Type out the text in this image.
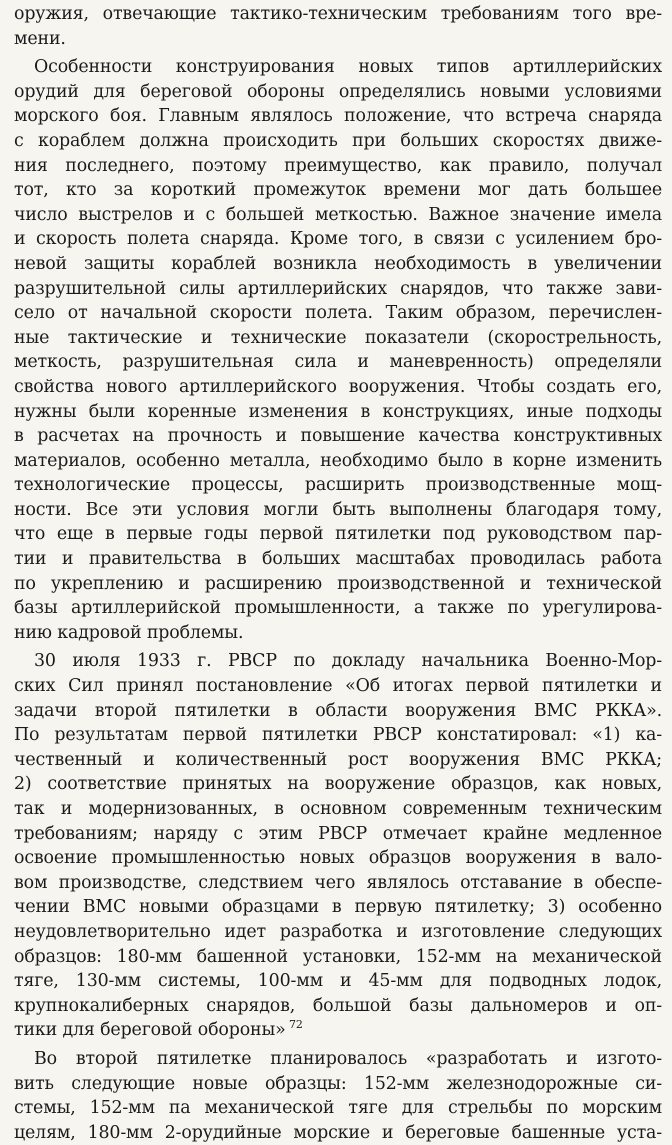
оружия, отвечающие тактико-техническим требованиям того вре-
мени.
Особенности конструирования новых типов артиллерийских
орудий для береговой обороны определялись новыми условиями
морского боя. Главным являлось положение, что встреча снаряда
с кораблем должна происходить при больших скоростях движе-
ния последнего, поэтому преимущество, как правило, получал
тот, кто за короткий промежуток времени мог дать большее
число выстрелов и с большей меткостью. Важное значение имела
и скорость полета снаряда. Кроме того, в связи с усилением бро-
невой защиты кораблей возникла необходимость в увеличении
разрушительной силы артиллерийских снарядов, что также зави-
село от начальной скорости полета. Таким образом, перечислен-
ные тактические и технические показатели (скорострельность,
меткость, разрушительная сила и маневренность) определяли
свойства нового артиллерийского вооружения. Чтобы создать его,
нужны были коренные изменения в конструкциях, иные подходы
в расчетах на прочность и повышение качества конструктивных
материалов, особенно металла, необходимо было в корне изменить
технологические процессы, расширить производственные мощ-
ности. Все эти условия могли быть выполнены благодаря тому,
что еще в первые годы первой пятилетки под руководством пар-
тии и правительства в больших масштабах проводилась работа
по укреплению и расширению производственной и технической
базы артиллерийской промышленности, а также по урегулирова-
нию кадровой проблемы.
30 июля 1933 г. РВСР по докладу начальника Военно-Мор-
ских Сил принял постановление «Об итогах первой пятилетки и
задачи второй пятилетки в области вооружения ВМС РККА».
По результатам первой пятилетки РВСР констатировал: «1) ка-
чественный и количественный рост вооружения ВМС РККА;
2) соответствие принятых на вооружение образцов, как новых,
так и модернизованных, в основном современным техническим
требованиям; наряду с этим РВСР отмечает крайне медленное
освоение промышленностью новых образцов вооружения в вало-
вом производстве, следствием чего являлось отставание в обеспе-
чении ВМС новыми образцами в первую пятилетку; 3) особенно
неудовлетворительно идет разработка и изготовление следующих
образцов: 180-мм башенной установки, 152-мм на механической
тяге, 130-мм системы, 100-мм и 45-мм для подводных лодок,
крупнокалиберных снарядов, большой базы дальномеров и оп-
тики для береговой обороны» $^{72}$
Во второй пятилетке планировалось «разработать и изгото-
вить следующие новые образцы: 152-мм железнодорожные си-
стемы, 152-мм па механической тяге для стрельбы по морским
целям, 180-мм 2-орудийные морские и береговые башенные уста-
